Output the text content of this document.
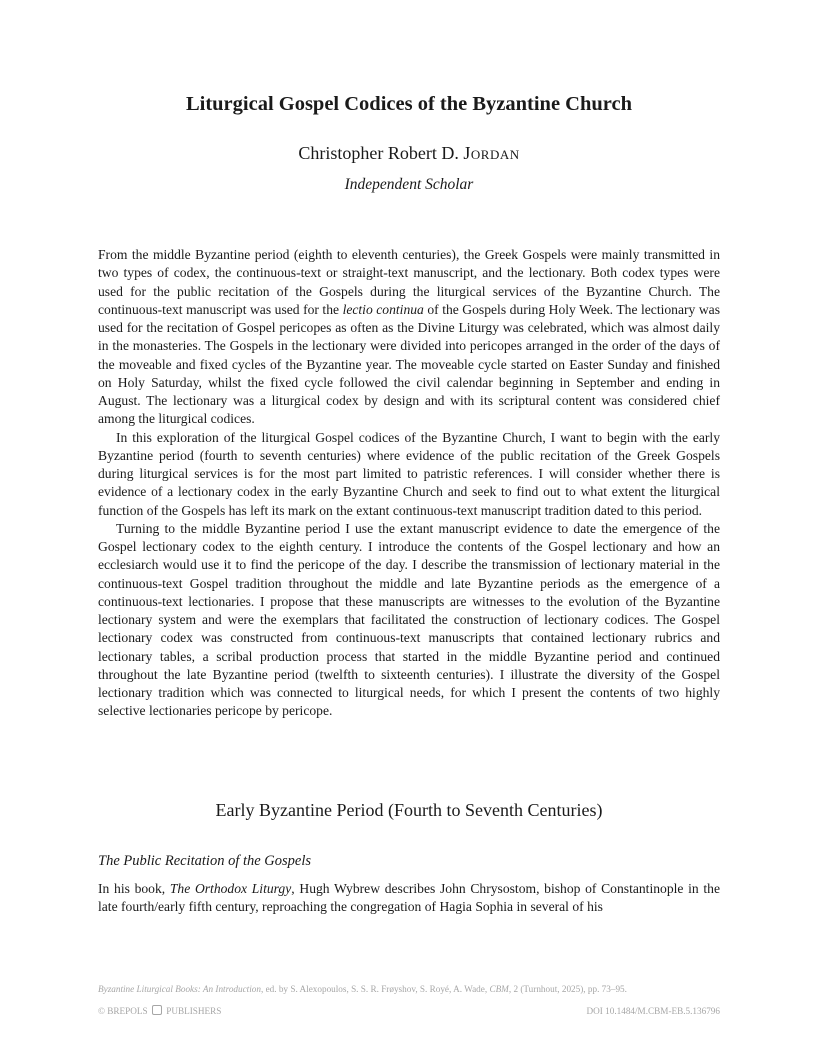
Liturgical Gospel Codices of the Byzantine Church
Christopher Robert D. Jordan
Independent Scholar

From the middle Byzantine period (eighth to eleventh centuries), the Greek Gospels were mainly transmitted in two types of codex, the continuous-text or straight-text manuscript, and the lectionary. Both codex types were used for the public recitation of the Gospels during the liturgical services of the Byzantine Church. The continuous-text manuscript was used for the lectio continua of the Gospels during Holy Week. The lectionary was used for the recitation of Gospel pericopes as often as the Divine Liturgy was celebrated, which was almost daily in the monasteries. The Gospels in the lectionary were divided into pericopes arranged in the order of the days of the moveable and fixed cycles of the Byzantine year. The moveable cycle started on Easter Sunday and finished on Holy Saturday, whilst the fixed cycle followed the civil calendar beginning in September and ending in August. The lectionary was a liturgical codex by design and with its scriptural content was considered chief among the liturgical codices.

In this exploration of the liturgical Gospel codices of the Byzantine Church, I want to begin with the early Byzantine period (fourth to seventh centuries) where evidence of the public recitation of the Greek Gospels during liturgical services is for the most part limited to patristic references. I will consider whether there is evidence of a lectionary codex in the early Byzantine Church and seek to find out to what extent the liturgical function of the Gospels has left its mark on the extant continuous-text manuscript tradition dated to this period.

Turning to the middle Byzantine period I use the extant manuscript evidence to date the emergence of the Gospel lectionary codex to the eighth century. I introduce the contents of the Gospel lectionary and how an ecclesiarch would use it to find the pericope of the day. I describe the transmission of lectionary material in the continuous-text Gospel tradition throughout the middle and late Byzantine periods as the emergence of a continuous-text lectionaries. I propose that these manuscripts are witnesses to the evolution of the Byzantine lectionary system and were the exemplars that facilitated the construction of lectionary codices. The Gospel lectionary codex was constructed from continuous-text manuscripts that contained lectionary rubrics and lectionary tables, a scribal production process that started in the middle Byzantine period and continued throughout the late Byzantine period (twelfth to sixteenth centuries). I illustrate the diversity of the Gospel lectionary tradition which was connected to liturgical needs, for which I present the contents of two highly selective lectionaries pericope by pericope.

Early Byzantine Period (Fourth to Seventh Centuries)
The Public Recitation of the Gospels

In his book, The Orthodox Liturgy, Hugh Wybrew describes John Chrysostom, bishop of Constantinople in the late fourth/early fifth century, reproaching the congregation of Hagia Sophia in several of his

Byzantine Liturgical Books: An Introduction, ed. by S. Alexopoulos, S. S. R. Frøyshov, S. Royé, A. Wade, CBM, 2 (Turnhout, 2025), pp. 73–95.
© BREPOLS PUBLISHERS	DOI 10.1484/M.CBM-EB.5.136796
